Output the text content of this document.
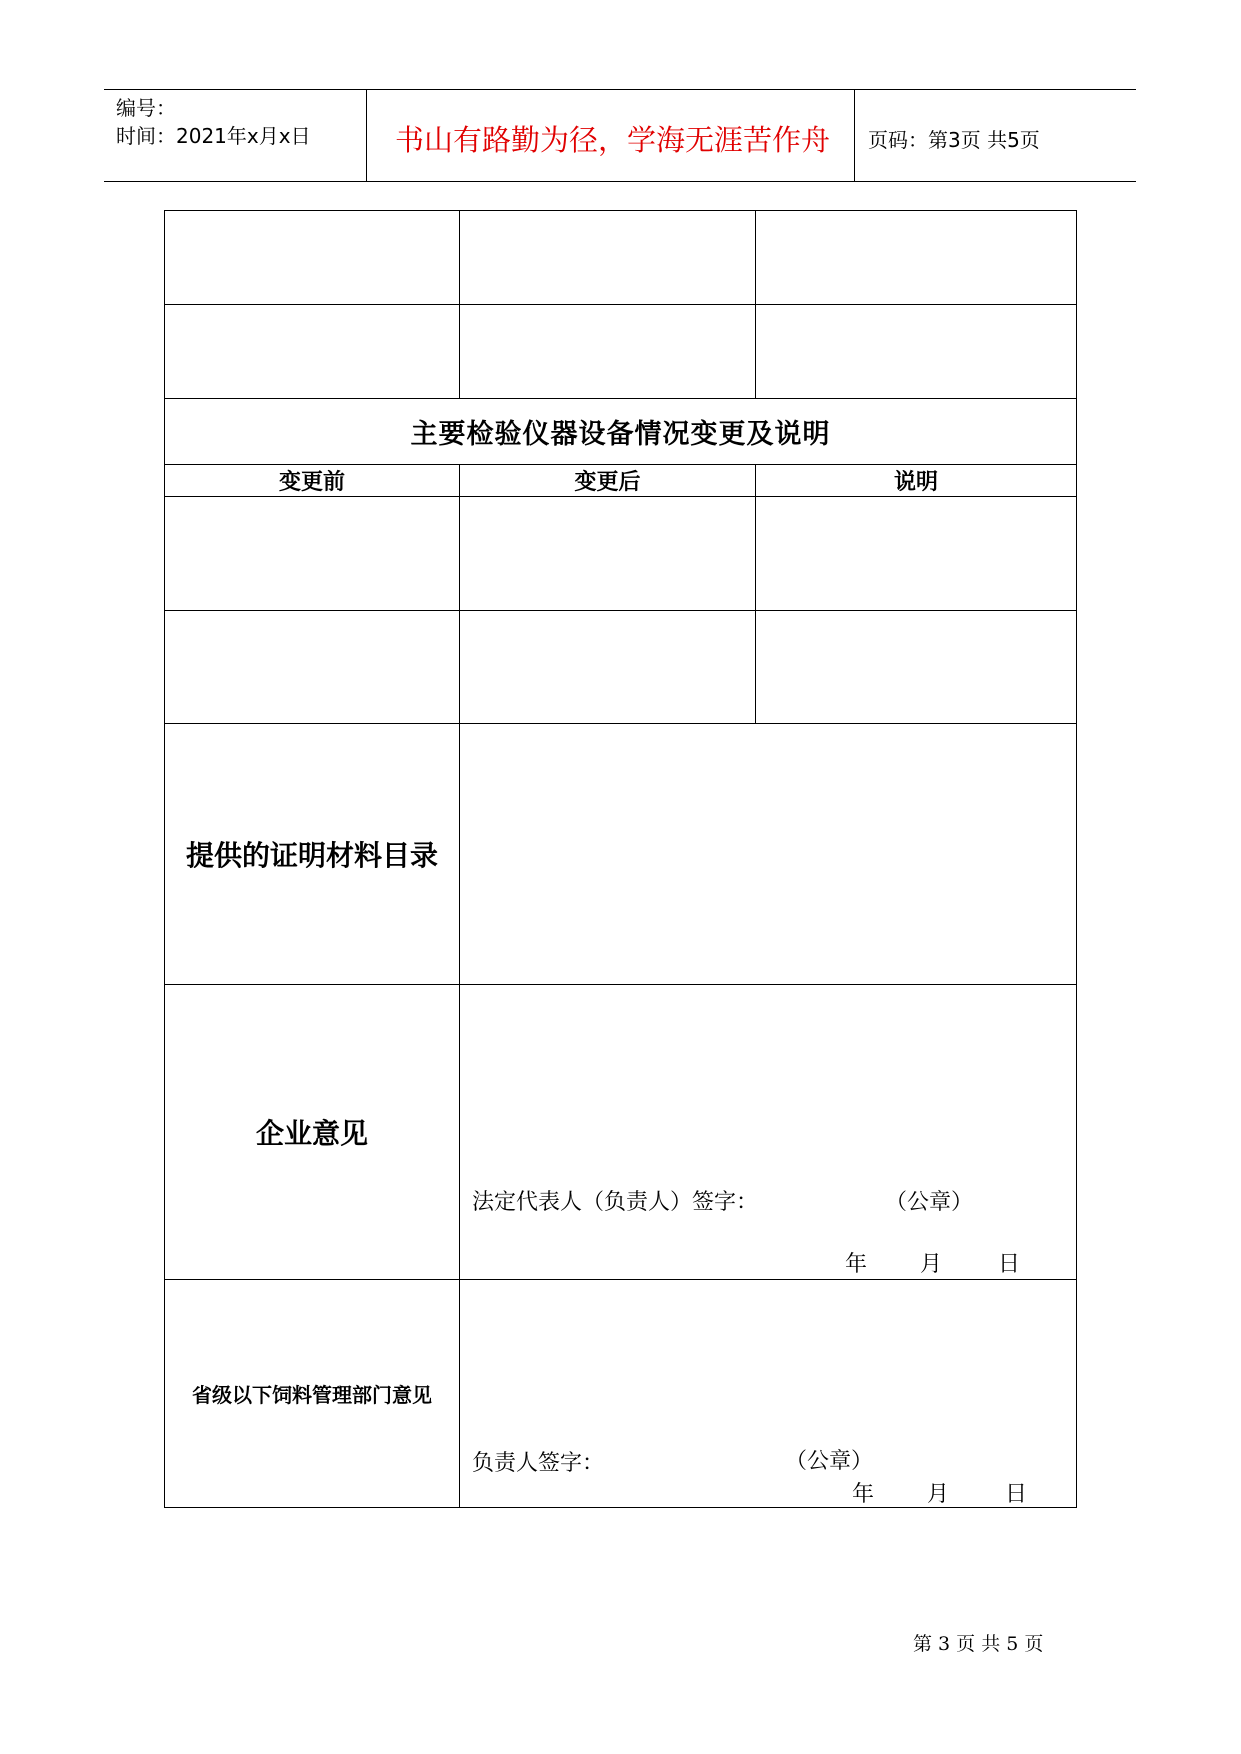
编号：
时间：2021年x月x日	书山有路勤为径，学海无涯苦作舟 页码：第3页 共5页

主要检验仪器设备情况变更及说明		
变更前	变更后	说明

提供的证明材料目录		
企业意见	法定代表人（负责人）签字： （公章）
年 月 日	

省级以下饲料管理部门意见	负责人签字： （公章）
年 月 日	
第 3 页 共 5 页
